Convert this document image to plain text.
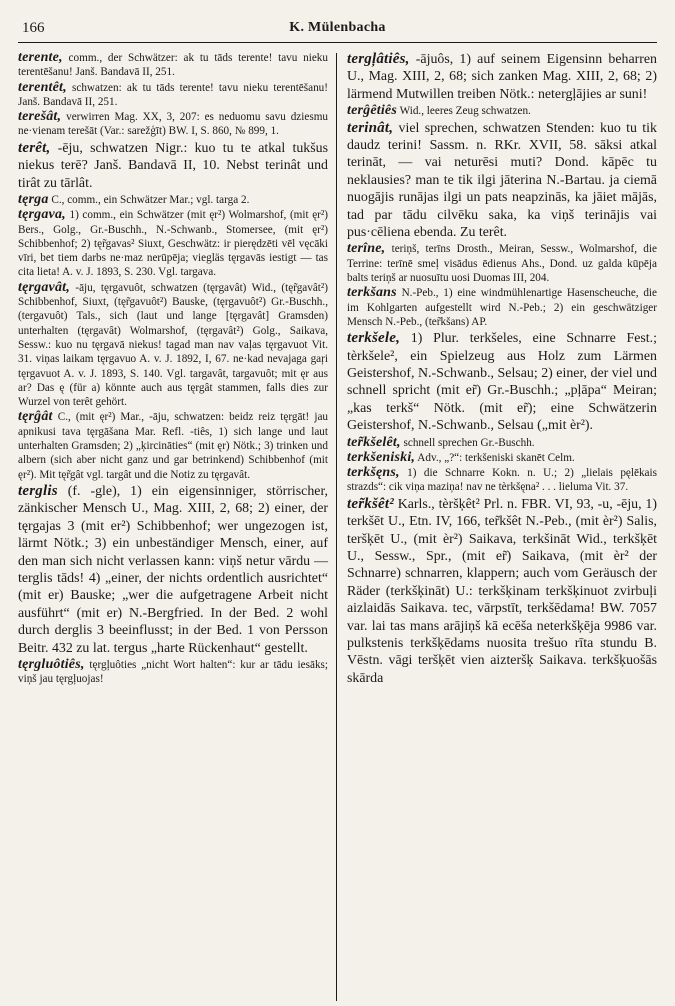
166	K. Mülenbacha

terente, comm., der Schwätzer: ak tu tāds terente! tavu nieku terentēšanu! Janš. Bandavā II, 251.

terentêt, schwatzen: ak tu tāds terente! tavu nieku terentēšanu! Janš. Bandavā II, 251.

terešât, verwirren Mag. XX, 3, 207: es neduomu savu dziesmu ne·vienam terešāt (Var.: sarežģīt) BW. I, S. 860, № 899, 1.

terêt, -ēju, schwatzen Nigr.: kuo tu te atkal tukšus niekus terē? Janš. Bandavā II, 10. Nebst terinât und tirât zu tārlât.

tęrga C., comm., ein Schwätzer Mar.; vgl. targa 2.

tęrgava, 1) comm., ein Schwätzer (mit ęr²) Wolmarshof, (mit ęr²) Bers., Golg., Gr.-Buschh., N.-Schwanb., Stomersee, (mit ęr²) Schibbenhof; 2) tęr̃gavas² Siuxt, Geschwätz: ir pierędzēti vēl vęcāki vīri, bet tiem darbs ne·maz nerūpēja; viegläs tęrgavās iestigt — tas cita lieta! A. v. J. 1893, S. 230. Vgl. targava.

tęrgavât, -āju, tęrgavuôt, schwatzen (tęrgavât) Wid., (tęr̃gavât²) Schibbenhof, Siuxt, (tęr̃gavuôt²) Bauske, (tęrgavuôt²) Gr.-Buschh., (tergavuôt) Tals., sich (laut und lange [tęrgavât] Gramsden) unterhalten (tęrgavât) Wolmarshof, (tęrgavât²) Golg., Saikava, Sessw.: kuo nu tęrgavā niekus! tagad man nav vaļas tęrgavuot Vit. 31. viņas laikam tęrgavuo A. v. J. 1892, I, 67. ne·kad nevajaga gaŗi tęrgavuot A. v. J. 1893, S. 140. Vgl. targavât, targavuôt; mit ęr aus ar? Das ę (für a) könnte auch aus tęrgât stammen, falls dies zur Wurzel von terêt gehört.

tęrĝât C., (mit ęr²) Mar., -āju, schwatzen: beidz reiz tęrgāt! jau apnikusi tava tęrgāšana Mar. Refl. -tiês, 1) sich lange und laut unterhalten Gramsden; 2) „ķircināties“ (mit ęr) Nötk.; 3) trinken und albern (sich aber nicht ganz und gar betrinkend) Schibbenhof (mit ęr²). Mit tęr̃gât vgl. targât und die Notiz zu tęrgavât.

terglis (f. -gle), 1) ein eigensinniger, störrischer, zänkischer Mensch U., Mag. XIII, 2, 68; 2) einer, der tęrgajas 3 (mit er²) Schibbenhof; wer ungezogen ist, lärmt Nötk.; 3) ein unbeständiger Mensch, einer, auf den man sich nicht verlassen kann: viņš netur vārdu — terglis tāds! 4) „einer, der nichts ordentlich ausrichtet“ (mit er) Bauske; „wer die aufgetragene Arbeit nicht ausführt“ (mit er) N.-Bergfried. In der Bed. 2 wohl durch derglis 3 beeinflusst; in der Bed. 1 von Persson Beitr. 432 zu lat. tergus „harte Rückenhaut“ gestellt.

tęrgluôtiês, tęrgļuôties „nicht Wort halten“: kur ar tādu iesāks; viņš jau tęrgļuojas!

tergļâtiês, -ājuôs, 1) auf seinem Eigensinn beharren U., Mag. XIII, 2, 68; sich zanken Mag. XIII, 2, 68; 2) lärmend Mutwillen treiben Nötk.: netergļājies ar suni!

terĝêtiês Wid., leeres Zeug schwatzen.

terinât, viel sprechen, schwatzen Stenden: kuo tu tik daudz terini! Sassm. n. RKr. XVII, 58. sāksi atkal terināt, — vai neturēsi muti? Dond. kāpēc tu neklausies? man te tik ilgi jāterina N.-Bartau. ja ciemā nuogājis runājas ilgi un pats neapzinās, ka jāiet mājās, tad par tādu cilvēku saka, ka viņš terinājis vai pus·cēliena ebenda. Zu terêt.

terîne, teriņš, terīns Drosth., Meiran, Sessw., Wolmarshof, die Terrine: terīnē smeļ visādus ēdienus Ahs., Dond. uz galda kūpēja balts teriņš ar nuosuītu uosi Duomas III, 204.

terkšans N.-Peb., 1) eine windmühlenartige Hasenscheuche, die im Kohlgarten aufgestellt wird N.-Peb.; 2) ein geschwätziger Mensch N.-Peb., (ter̃kšans) AP.

terkšele, 1) Plur. terkšeles, eine Schnarre Fest.; tèrkšele², ein Spielzeug aus Holz zum Lärmen Geistershof, N.-Schwanb., Selsau; 2) einer, der viel und schnell spricht (mit er̃) Gr.-Buschh.; „pļāpa“ Meiran; „kas terkš“ Nötk. (mit er̃); eine Schwätzerin Geistershof, N.-Schwanb., Selsau („mit èr²).

ter̃kšelêt, schnell sprechen Gr.-Buschh.

terkšeniski, Adv., „?“: terkšeniski skanēt Celm.

terkšęns, 1) die Schnarre Kokn. n. U.; 2) „lielais pęlēkais strazds“: cik viņa maziņa! nav ne tèrkšęna² . . . lieluma Vit. 37.

ter̃kšêt² Karls., tèršķêt² Prl. n. FBR. VI, 93, -u, -ēju, 1) terkšēt U., Etn. IV, 166, ter̃kšêt N.-Peb., (mit èr²) Salis, teršķēt U., (mit èr²) Saikava, terkšināt Wid., terkšķēt U., Sessw., Spr., (mit er̃) Saikava, (mit èr² der Schnarre) schnarren, klappern; auch vom Geräusch der Räder (terkšķināt) U.: terkšķinam terkšķinuot zvirbuļi aizlaidās Saikava. tec, vārpstīt, terkšēdama! BW. 7057 var. lai tas mans arājiņš kā ecēša neterkšķēja 9986 var. pulkstenis terkšķēdams nuosita trešuo rīta stundu B. Vēstn. vāgi teršķēt vien aizteršķ Saikava. terkšķuošās skārda
